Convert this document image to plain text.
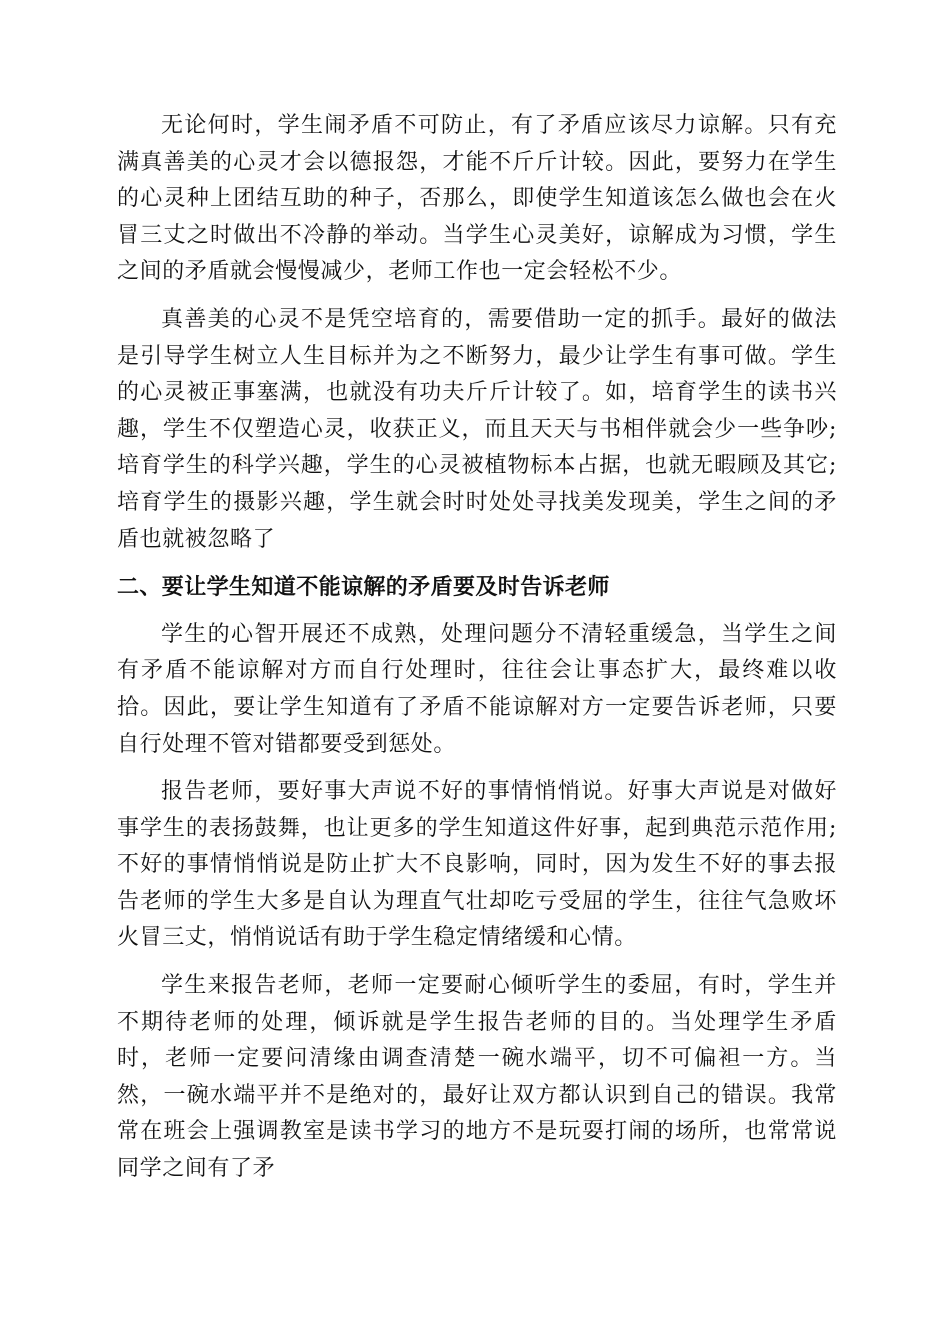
无论何时，学生闹矛盾不可防止，有了矛盾应该尽力谅解。只有充满真善美的心灵才会以德报怨，才能不斤斤计较。因此，要努力在学生的心灵种上团结互助的种子，否那么，即使学生知道该怎么做也会在火冒三丈之时做出不冷静的举动。当学生心灵美好，谅解成为习惯，学生之间的矛盾就会慢慢减少，老师工作也一定会轻松不少。

真善美的心灵不是凭空培育的，需要借助一定的抓手。最好的做法是引导学生树立人生目标并为之不断努力，最少让学生有事可做。学生的心灵被正事塞满，也就没有功夫斤斤计较了。如，培育学生的读书兴趣，学生不仅塑造心灵，收获正义，而且天天与书相伴就会少一些争吵;培育学生的科学兴趣，学生的心灵被植物标本占据，也就无暇顾及其它;培育学生的摄影兴趣，学生就会时时处处寻找美发现美，学生之间的矛盾也就被忽略了

二、要让学生知道不能谅解的矛盾要及时告诉老师

学生的心智开展还不成熟，处理问题分不清轻重缓急，当学生之间有矛盾不能谅解对方而自行处理时，往往会让事态扩大，最终难以收拾。因此，要让学生知道有了矛盾不能谅解对方一定要告诉老师，只要自行处理不管对错都要受到惩处。

报告老师，要好事大声说不好的事情悄悄说。好事大声说是对做好事学生的表扬鼓舞，也让更多的学生知道这件好事，起到典范示范作用;不好的事情悄悄说是防止扩大不良影响，同时，因为发生不好的事去报告老师的学生大多是自认为理直气壮却吃亏受屈的学生，往往气急败坏火冒三丈，悄悄说话有助于学生稳定情绪缓和心情。

学生来报告老师，老师一定要耐心倾听学生的委屈，有时，学生并不期待老师的处理，倾诉就是学生报告老师的目的。当处理学生矛盾时，老师一定要问清缘由调查清楚一碗水端平，切不可偏袒一方。当然，一碗水端平并不是绝对的，最好让双方都认识到自己的错误。我常常在班会上强调教室是读书学习的地方不是玩耍打闹的场所，也常常说同学之间有了矛
